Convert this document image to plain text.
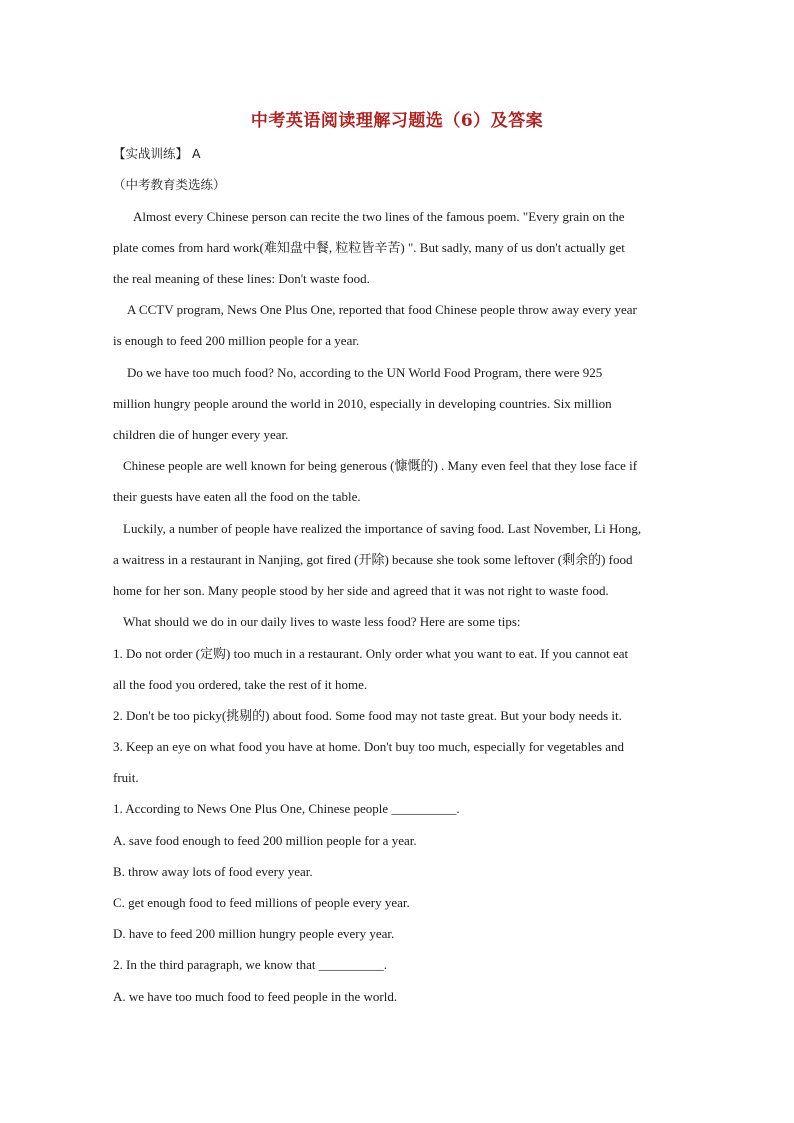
中考英语阅读理解习题选（6）及答案
【实战训练】 A
（中考教育类选练）
Almost every Chinese person can recite the two lines of the famous poem. "Every grain on the
plate comes from hard work(难知盘中餐, 粒粒皆辛苦) ". But sadly, many of us don't actually get
the real meaning of these lines: Don't waste food.
A CCTV program, News One Plus One, reported that food Chinese people throw away every year
is enough to feed 200 million people for a year.
Do we have too much food? No, according to the UN World Food Program, there were 925
million hungry people around the world in 2010, especially in developing countries. Six million
children die of hunger every year.
Chinese people are well known for being generous (慷慨的) . Many even feel that they lose face if
their guests have eaten all the food on the table.
Luckily, a number of people have realized the importance of saving food. Last November, Li Hong,
a waitress in a restaurant in Nanjing, got fired (开除) because she took some leftover (剩余的) food
home for her son. Many people stood by her side and agreed that it was not right to waste food.
What should we do in our daily lives to waste less food? Here are some tips:
1. Do not order (定购) too much in a restaurant. Only order what you want to eat. If you cannot eat
all the food you ordered, take the rest of it home.
2. Don't be too picky(挑剔的) about food. Some food may not taste great. But your body needs it.
3. Keep an eye on what food you have at home. Don't buy too much, especially for vegetables and
fruit.
1. According to News One Plus One, Chinese people __________.
A. save food enough to feed 200 million people for a year.
B. throw away lots of food every year.
C. get enough food to feed millions of people every year.
D. have to feed 200 million hungry people every year.
2. In the third paragraph, we know that __________.
A. we have too much food to feed people in the world.
